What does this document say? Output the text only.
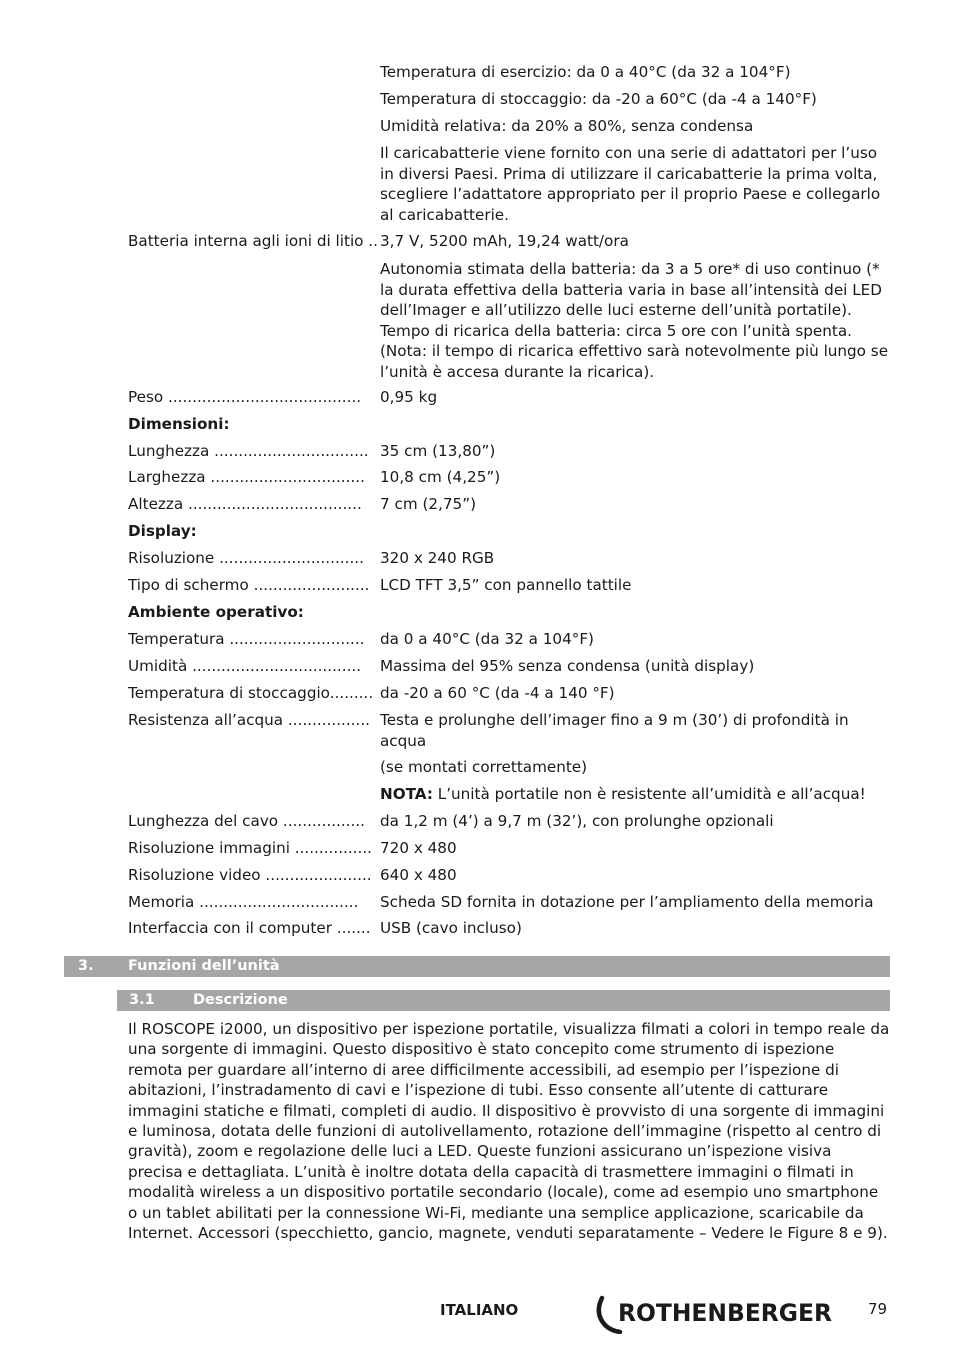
Temperatura di esercizio: da 0 a 40°C (da 32 a 104°F)

Temperatura di stoccaggio: da -20 a 60°C (da -4 a 140°F)

Umidità relativa: da 20% a 80%, senza condensa

Il caricabatterie viene fornito con una serie di adattatori per l’uso in diversi Paesi. Prima di utilizzare il caricabatterie la prima volta, scegliere l’adattatore appropriato per il proprio Paese e collegarlo al caricabatterie.

Batteria interna agli ioni di litio .. 3,7 V, 5200 mAh, 19,24 watt/ora

Autonomia stimata della batteria: da 3 a 5 ore* di uso continuo (* la durata effettiva della batteria varia in base all’intensità dei LED dell’Imager e all’utilizzo delle luci esterne dell’unità portatile). Tempo di ricarica della batteria: circa 5 ore con l’unità spenta. (Nota: il tempo di ricarica effettivo sarà notevolmente più lungo se l’unità è accesa durante la ricarica).

Peso ........................................	0,95 kg
Dimensioni:
Lunghezza ................................ 35 cm (13,80”)
Larghezza ................................ 10,8 cm (4,25”)
Altezza ....................................	7 cm (2,75”)
Display:
Risoluzione ..............................	320 x 240 RGB
Tipo di schermo ........................ LCD TFT 3,5” con pannello tattile
Ambiente operativo:
Temperatura ............................	da 0 a 40°C (da 32 a 104°F)
Umidità ...................................	Massima del 95% senza condensa (unità display)
Temperatura di stoccaggio......... da -20 a 60 °C (da -4 a 140 °F)
Resistenza all’acqua ................. Testa e prolunghe dell’imager fino a 9 m (30’) di profondità in acqua

(se montati correttamente)

NOTA: L’unità portatile non è resistente all’umidità e all’acqua!

Lunghezza del cavo ................. da 1,2 m (4’) a 9,7 m (32’), con prolunghe opzionali
Risoluzione immagini ................ 720 x 480
Risoluzione video ...................... 640 x 480
Memoria .................................	Scheda SD fornita in dotazione per l’ampliamento della memoria
Interfaccia con il computer ....... USB (cavo incluso)
3. Funzioni dell’unità
3.1	Descrizione

Il ROSCOPE i2000, un dispositivo per ispezione portatile, visualizza filmati a colori in tempo reale da una sorgente di immagini. Questo dispositivo è stato concepito come strumento di ispezione remota per guardare all’interno di aree difficilmente accessibili, ad esempio per l’ispezione di abitazioni, l’instradamento di cavi e l’ispezione di tubi. Esso consente all’utente di catturare immagini statiche e filmati, completi di audio. Il dispositivo è provvisto di una sorgente di immagini e luminosa, dotata delle funzioni di autolivellamento, rotazione dell’immagine (rispetto al centro di gravità), zoom e regolazione delle luci a LED. Queste funzioni assicurano un’ispezione visiva precisa e dettagliata. L’unità è inoltre dotata della capacità di trasmettere immagini o filmati in modalità wireless a un dispositivo portatile secondario (locale), come ad esempio uno smartphone o un tablet abilitati per la connessione Wi-Fi, mediante una semplice applicazione, scaricabile da Internet. Accessori (specchietto, gancio, magnete, venduti separatamente – Vedere le Figure 8 e 9).

ITALIANO	ROTHENBERGER 79
